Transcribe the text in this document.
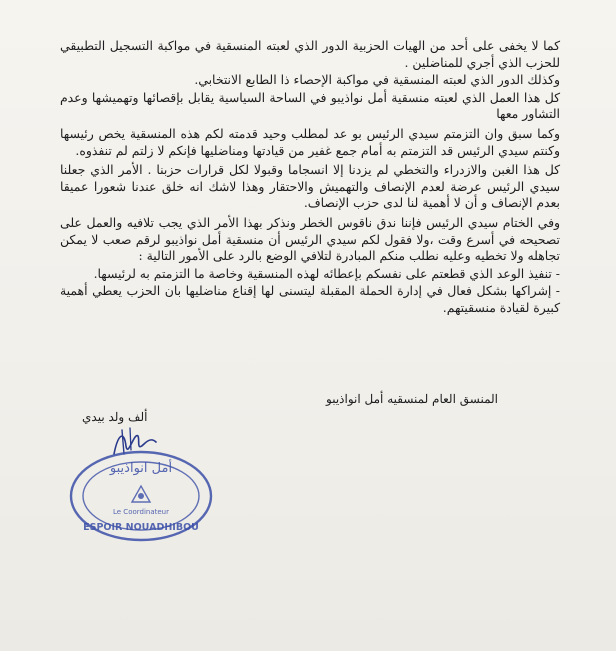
كما لا يخفى على أحد من الهيات الحزبية الدور الذي لعبته المنسقية في مواكبة التسجيل التطبيقي للحزب الذي أجري للمناضلين .

وكذلك الدور الذي لعبته المنسقية في مواكبة الإحصاء ذا الطابع الانتخابي.

كل هذا العمل الذي لعبته منسقية أمل نواذيبو في الساحة السياسية يقابل بإقصائها وتهميشها وعدم التشاور معها

وكما سبق وان التزمتم سيدي الرئيس بو عد لمطلب وحيد قدمته لكم هذه المنسقية يخص رئيسها وكنتم سيدي الرئيس قد التزمتم به أمام جمع غفير من قيادتها ومناضليها فإنكم لا زلتم لم تنفذوه.

كل هذا الغبن والازدراء والتخطي لم يزدنا إلا انسجاما وقبولا لكل قرارات حزبنا . الأمر الذي جعلنا سيدي الرئيس عرضة لعدم الإنصاف والتهميش والاحتقار وهذا لاشك انه خلق عندنا شعورا عميقا بعدم الإنصاف و أن لا أهمية لنا لدى حزب الإنصاف.

وفي الختام سيدي الرئيس فإننا ندق ناقوس الخطر ونذكر بهذا الأمر الذي يجب تلافيه والعمل على تصحيحه في أسرع وقت ،ولا فقول لكم سيدي الرئيس أن منسقية أمل نواذيبو لرقم صعب لا يمكن تجاهله ولا تخطيه وعليه نطلب منكم المبادرة لتلافي الوضع بالرد على الأمور التالية :

- تنفيذ الوعد الذي قطعتم على نفسكم بإعطائه لهذه المنسقية وخاصة ما التزمتم به لرئيسها.

- إشراكها بشكل فعال في إدارة الحملة المقبلة ليتسنى لها إقناع مناضليها بان الحزب يعطي أهمية كبيرة لقيادة منسقيتهم.

المنسق العام لمنسقيه أمل انواذيبو
ألف ولد بيدي
أمل انواذيبو
Le Coordinateur
ESPOIR NOUADHIBOU
